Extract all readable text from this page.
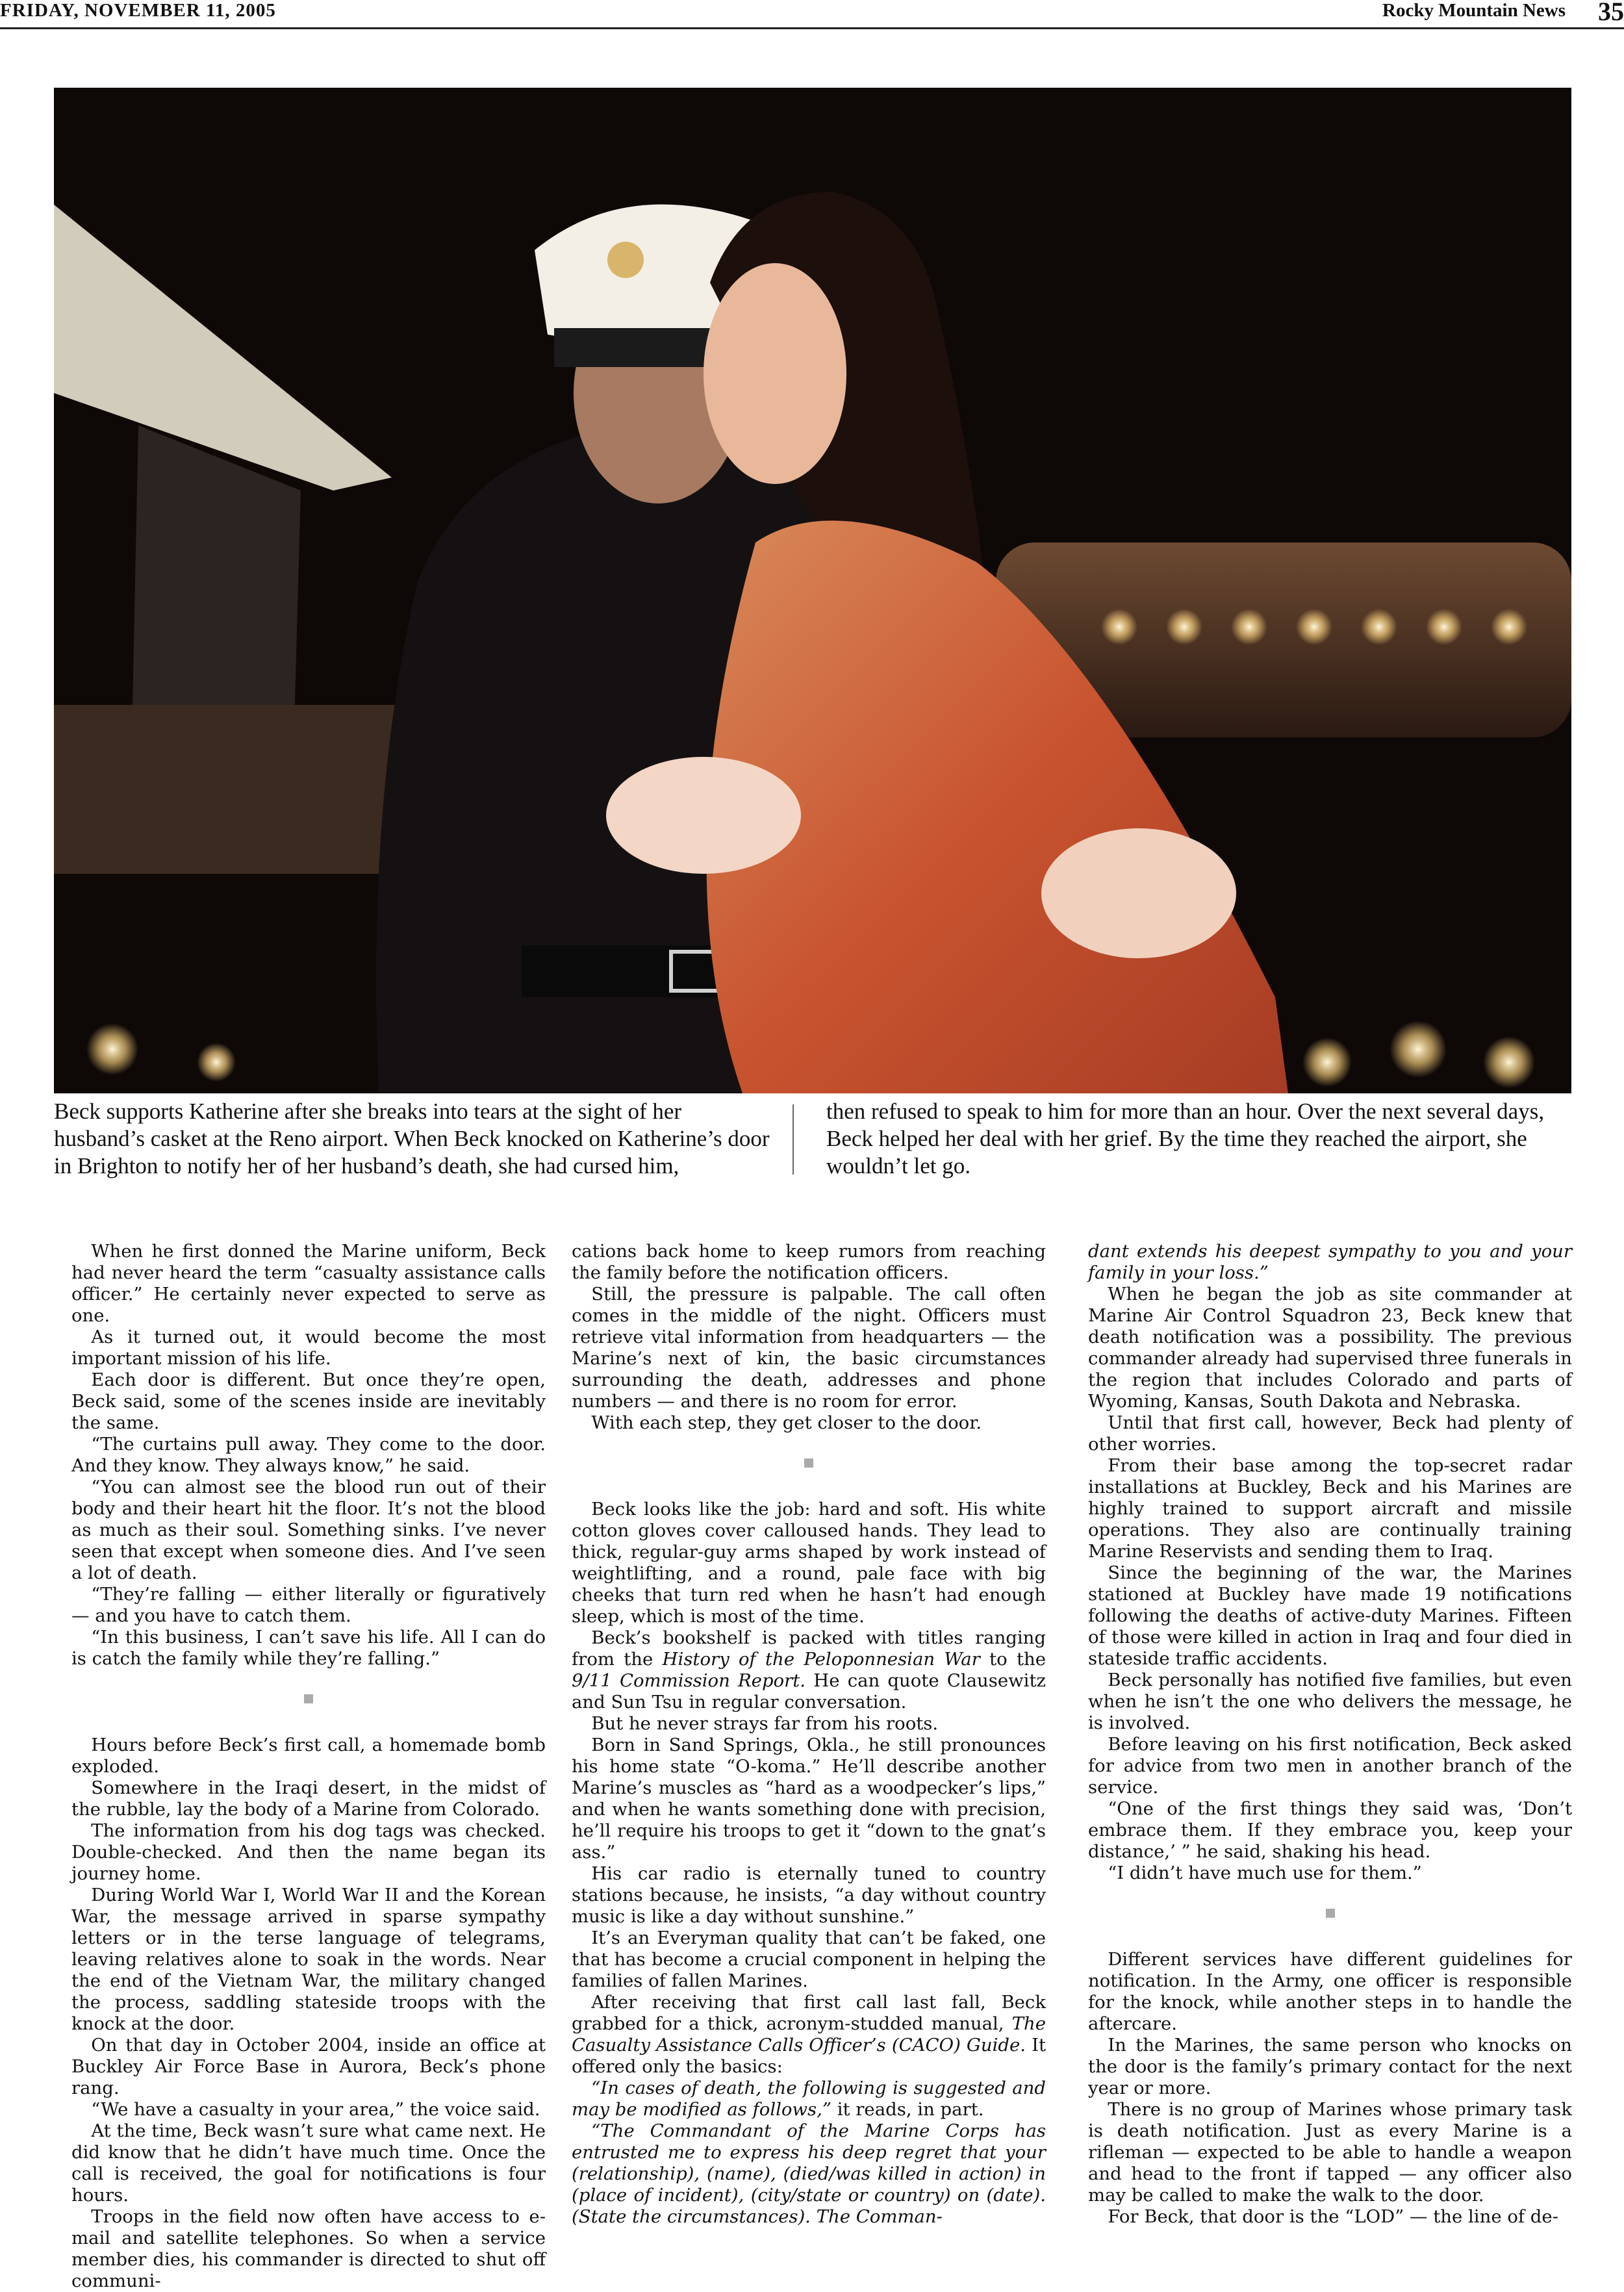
FRIDAY, NOVEMBER 11, 2005	Rocky Mountain News 35
Beck supports Katherine after she breaks into tears at the sight of her husband’s casket at the Reno airport. When Beck knocked on Katherine’s door in Brighton to notify her of her husband’s death, she had cursed him,
then refused to speak to him for more than an hour. Over the next several days, Beck helped her deal with her grief. By the time they reached the airport, she wouldn’t let go.

When he first donned the Marine uniform, Beck had never heard the term “casualty assistance calls officer.” He certainly never expected to serve as one.

As it turned out, it would become the most important mission of his life.

Each door is different. But once they’re open, Beck said, some of the scenes inside are inevitably the same.

“The curtains pull away. They come to the door. And they know. They always know,” he said.

“You can almost see the blood run out of their body and their heart hit the floor. It’s not the blood as much as their soul. Something sinks. I’ve never seen that except when someone dies. And I’ve seen a lot of death.

“They’re falling — either literally or figuratively — and you have to catch them.

“In this business, I can’t save his life. All I can do is catch the family while they’re falling.”

Hours before Beck’s first call, a homemade bomb exploded.

Somewhere in the Iraqi desert, in the midst of the rubble, lay the body of a Marine from Colorado.

The information from his dog tags was checked. Double-checked. And then the name began its journey home.

During World War I, World War II and the Korean War, the message arrived in sparse sympathy letters or in the terse language of telegrams, leaving relatives alone to soak in the words. Near the end of the Vietnam War, the military changed the process, saddling stateside troops with the knock at the door.

On that day in October 2004, inside an office at Buckley Air Force Base in Aurora, Beck’s phone rang.

“We have a casualty in your area,” the voice said.

At the time, Beck wasn’t sure what came next. He did know that he didn’t have much time. Once the call is received, the goal for notifications is four hours.

Troops in the field now often have access to e-mail and satellite telephones. So when a service member dies, his commander is directed to shut off communi-

cations back home to keep rumors from reaching the family before the notification officers.

Still, the pressure is palpable. The call often comes in the middle of the night. Officers must retrieve vital information from headquarters — the Marine’s next of kin, the basic circumstances surrounding the death, addresses and phone numbers — and there is no room for error.

With each step, they get closer to the door.

Beck looks like the job: hard and soft. His white cotton gloves cover calloused hands. They lead to thick, regular-guy arms shaped by work instead of weightlifting, and a round, pale face with big cheeks that turn red when he hasn’t had enough sleep, which is most of the time.

Beck’s bookshelf is packed with titles ranging from the History of the Peloponnesian War to the 9/11 Commission Report. He can quote Clausewitz and Sun Tsu in regular conversation.

But he never strays far from his roots.

Born in Sand Springs, Okla., he still pronounces his home state “O-koma.” He’ll describe another Marine’s muscles as “hard as a woodpecker’s lips,” and when he wants something done with precision, he’ll require his troops to get it “down to the gnat’s ass.”

His car radio is eternally tuned to country stations because, he insists, “a day without country music is like a day without sunshine.”

It’s an Everyman quality that can’t be faked, one that has become a crucial component in helping the families of fallen Marines.

After receiving that first call last fall, Beck grabbed for a thick, acronym-studded manual, The Casualty Assistance Calls Officer’s (CACO) Guide. It offered only the basics:

“In cases of death, the following is suggested and may be modified as follows,” it reads, in part.

“The Commandant of the Marine Corps has entrusted me to express his deep regret that your (relationship), (name), (died/was killed in action) in (place of incident), (city/state or country) on (date). (State the circumstances). The Comman-

dant extends his deepest sympathy to you and your family in your loss.”

When he began the job as site commander at Marine Air Control Squadron 23, Beck knew that death notification was a possibility. The previous commander already had supervised three funerals in the region that includes Colorado and parts of Wyoming, Kansas, South Dakota and Nebraska.

Until that first call, however, Beck had plenty of other worries.

From their base among the top-secret radar installations at Buckley, Beck and his Marines are highly trained to support aircraft and missile operations. They also are continually training Marine Reservists and sending them to Iraq.

Since the beginning of the war, the Marines stationed at Buckley have made 19 notifications following the deaths of active-duty Marines. Fifteen of those were killed in action in Iraq and four died in stateside traffic accidents.

Beck personally has notified five families, but even when he isn’t the one who delivers the message, he is involved.

Before leaving on his first notification, Beck asked for advice from two men in another branch of the service.

“One of the first things they said was, ‘Don’t embrace them. If they embrace you, keep your distance,’ ” he said, shaking his head.

“I didn’t have much use for them.”

Different services have different guidelines for notification. In the Army, one officer is responsible for the knock, while another steps in to handle the aftercare.

In the Marines, the same person who knocks on the door is the family’s primary contact for the next year or more.

There is no group of Marines whose primary task is death notification. Just as every Marine is a rifleman — expected to be able to handle a weapon and head to the front if tapped — any officer also may be called to make the walk to the door.

For Beck, that door is the “LOD” — the line of de-
